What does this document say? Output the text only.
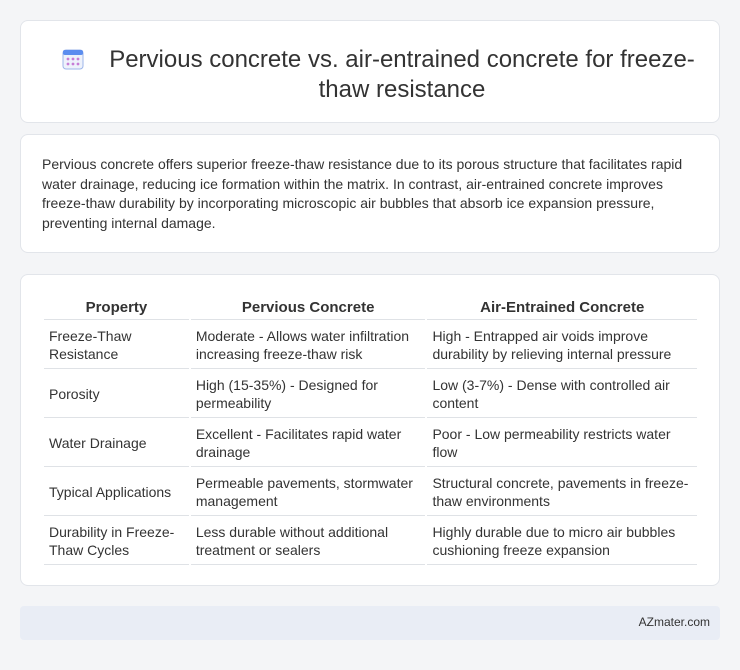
Pervious concrete vs. air-entrained concrete for freeze-thaw resistance

Pervious concrete offers superior freeze-thaw resistance due to its porous structure that facilitates rapid water drainage, reducing ice formation within the matrix. In contrast, air-entrained concrete improves freeze-thaw durability by incorporating microscopic air bubbles that absorb ice expansion pressure, preventing internal damage.

Property	Pervious Concrete	Air-Entrained Concrete
Freeze-Thaw Resistance	Moderate - Allows water infiltration increasing freeze-thaw risk	High - Entrapped air voids improve durability by relieving internal pressure
Porosity	High (15-35%) - Designed for permeability	Low (3-7%) - Dense with controlled air content
Water Drainage	Excellent - Facilitates rapid water drainage	Poor - Low permeability restricts water flow
Typical Applications	Permeable pavements, stormwater management	Structural concrete, pavements in freeze-thaw environments
Durability in Freeze-Thaw Cycles	Less durable without additional treatment or sealers	Highly durable due to micro air bubbles cushioning freeze expansion
AZmater.com
